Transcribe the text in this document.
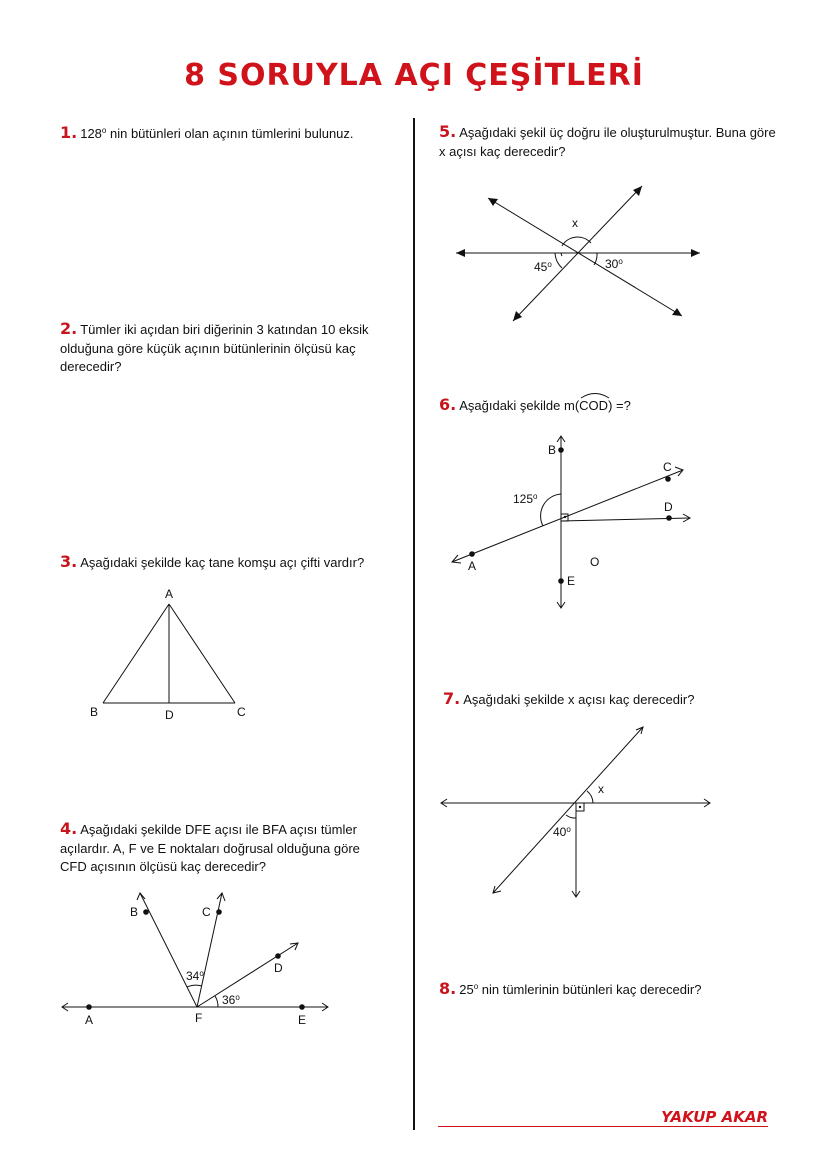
8 SORUYLA AÇI ÇEŞİTLERİ
1. 128$^o$ nin bütünleri olan açının tümlerini bulunuz.
2. Tümler iki açıdan biri diğerinin 3 katından 10 eksik olduğuna göre küçük açının bütünlerinin ölçüsü kaç derecedir?
3. Aşağıdaki şekilde kaç tane komşu açı çifti vardır?
A
B	D	C
4. Aşağıdaki şekilde DFE açısı ile BFA açısı tümler açılardır. A, F ve E noktaları doğrusal olduğuna göre CFD açısının ölçüsü kaç derecedir?
A	F	E
B	C
D
34$^o$
36$^o$
5. Aşağıdaki şekil üç doğru ile oluşturulmuştur. Buna göre x açısı kaç derecedir?
x
45$^o$	30$^o$
6. Aşağıdaki şekilde m(
COD) =?
B
C
D
A
E
O
125$^o$
7. Aşağıdaki şekilde x açısı kaç derecedir?
x
40$^o$
8. 25$^o$ nin tümlerinin bütünleri kaç derecedir?
YAKUP AKAR
